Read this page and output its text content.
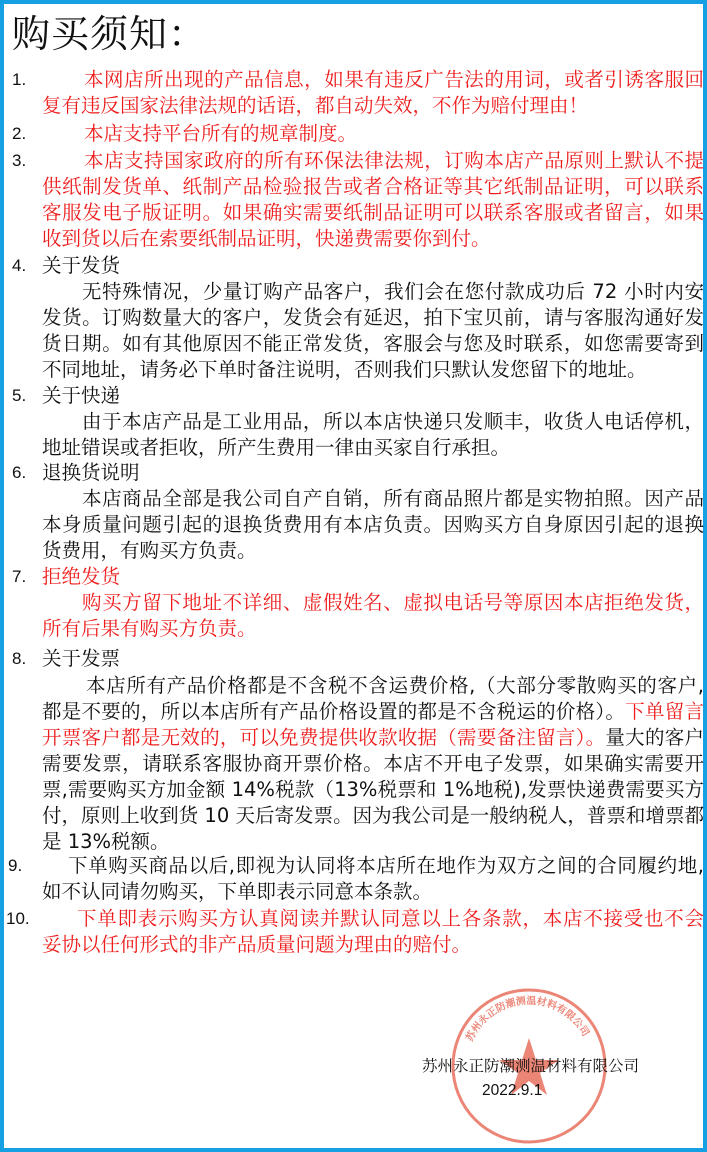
购买须知：
1.	本网店所出现的产品信息，如果有违反广告法的用词，或者引诱客服回
复有违反国家法律法规的话语，都自动失效，不作为赔付理由！
2.	本店支持平台所有的规章制度。
3.	本店支持国家政府的所有环保法律法规，订购本店产品原则上默认不提
供纸制发货单、纸制产品检验报告或者合格证等其它纸制品证明，可以联系
客服发电子版证明。如果确实需要纸制品证明可以联系客服或者留言，如果
收到货以后在索要纸制品证明，快递费需要你到付。
4. 关于发货
无特殊情况，少量订购产品客户，我们会在您付款成功后 72 小时内安
发货。订购数量大的客户，发货会有延迟，拍下宝贝前，请与客服沟通好发
货日期。如有其他原因不能正常发货，客服会与您及时联系，如您需要寄到
不同地址，请务必下单时备注说明，否则我们只默认发您留下的地址。
5. 关于快递
由于本店产品是工业用品，所以本店快递只发顺丰，收货人电话停机，
地址错误或者拒收，所产生费用一律由买家自行承担。
6. 退换货说明
本店商品全部是我公司自产自销，所有商品照片都是实物拍照。因产品
本身质量问题引起的退换货费用有本店负责。因购买方自身原因引起的退换
货费用，有购买方负责。
7. 拒绝发货
购买方留下地址不详细、虚假姓名、虚拟电话号等原因本店拒绝发货，
所有后果有购买方负责。
8. 关于发票
本店所有产品价格都是不含税不含运费价格,（大部分零散购买的客户,
都是不要的，所以本店所有产品价格设置的都是不含税运的价格）。下单留言
开票客户都是无效的，可以免费提供收款收据（需要备注留言）。量大的客户
需要发票，请联系客服协商开票价格。本店不开电子发票，如果确实需要开
票,需要购买方加金额 14%税款（13%税票和 1%地税),发票快递费需要买方
付，原则上收到货 10 天后寄发票。因为我公司是一般纳税人，普票和增票都
是 13%税额。
9. 下单购买商品以后,即视为认同将本店所在地作为双方之间的合同履约地,
如不认同请勿购买，下单即表示同意本条款。
10. 下单即表示购买方认真阅读并默认同意以上各条款，本店不接受也不会
妥协以任何形式的非产品质量问题为理由的赔付。
苏州永正防潮测温材料有限公司
苏州永正防潮测温材料有限公司
2022.9.1
